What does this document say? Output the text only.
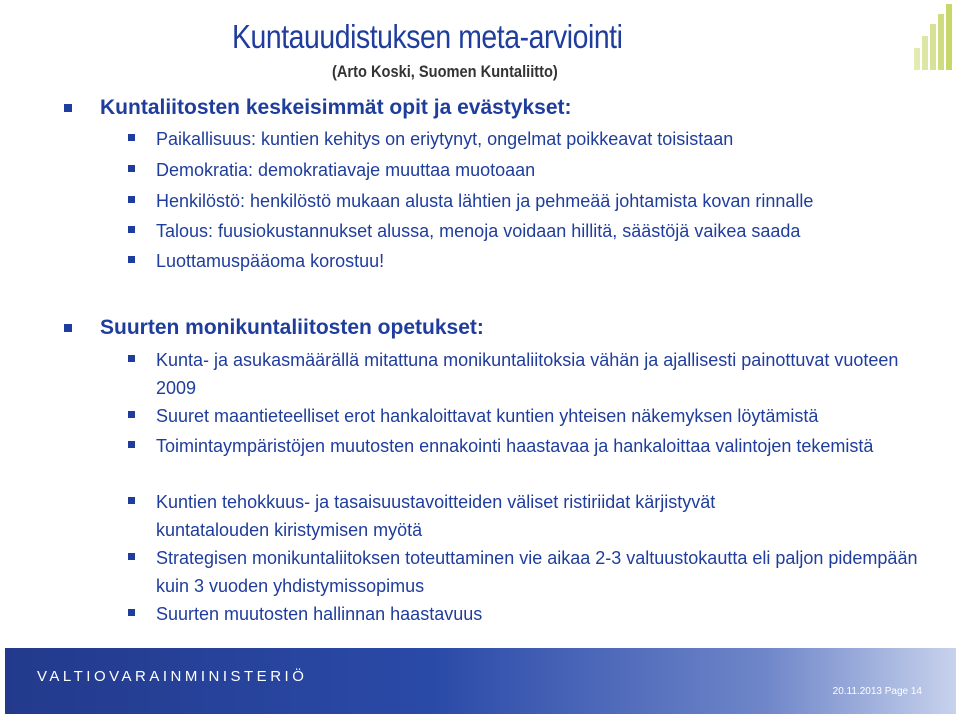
Kuntauudistuksen meta-arviointi
(Arto Koski, Suomen Kuntaliitto)
Kuntaliitosten keskeisimmät opit ja evästykset:
Paikallisuus: kuntien kehitys on eriytynyt, ongelmat poikkeavat toisistaan
Demokratia: demokratiavaje muuttaa muotoaan
Henkilöstö: henkilöstö mukaan alusta lähtien ja pehmeää johtamista kovan rinnalle
Talous: fuusiokustannukset alussa, menoja voidaan hillitä, säästöjä vaikea saada
Luottamuspääoma korostuu!
Suurten monikuntaliitosten opetukset:
Kunta- ja asukasmäärällä mitattuna monikuntaliitoksia vähän ja ajallisesti painottuvat vuoteen 2009
Suuret maantieteelliset erot hankaloittavat kuntien yhteisen näkemyksen löytämistä
Toimintaympäristöjen muutosten ennakointi haastavaa ja hankaloittaa valintojen tekemistä
Kuntien tehokkuus- ja tasaisuustavoitteiden väliset ristiriidat kärjistyvät kuntatalouden kiristymisen myötä
Strategisen monikuntaliitoksen toteuttaminen vie aikaa 2-3 valtuustokautta eli paljon pidempään kuin 3 vuoden yhdistymissopimus
Suurten muutosten hallinnan haastavuus
VALTIOVARAINMINISTERIÖ
20.11.2013 Page 14
